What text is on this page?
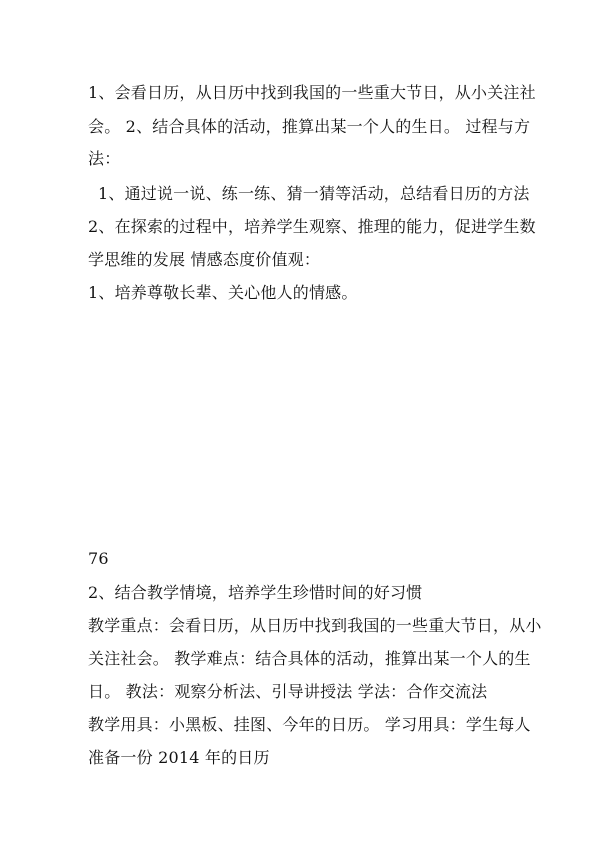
1、会看日历，从日历中找到我国的一些重大节日，从小关注社
会。 2、结合具体的活动，推算出某一个人的生日。 过程与方
法：
1、通过说一说、练一练、猜一猜等活动，总结看日历的方法
2、在探索的过程中，培养学生观察、推理的能力，促进学生数
学思维的发展 情感态度价值观：
1、培养尊敬长辈、关心他人的情感。
76
2、结合教学情境，培养学生珍惜时间的好习惯
教学重点：会看日历，从日历中找到我国的一些重大节日，从小
关注社会。 教学难点：结合具体的活动，推算出某一个人的生
日。 教法：观察分析法、引导讲授法 学法：合作交流法
教学用具：小黑板、挂图、今年的日历。 学习用具：学生每人
准备一份 2014 年的日历
